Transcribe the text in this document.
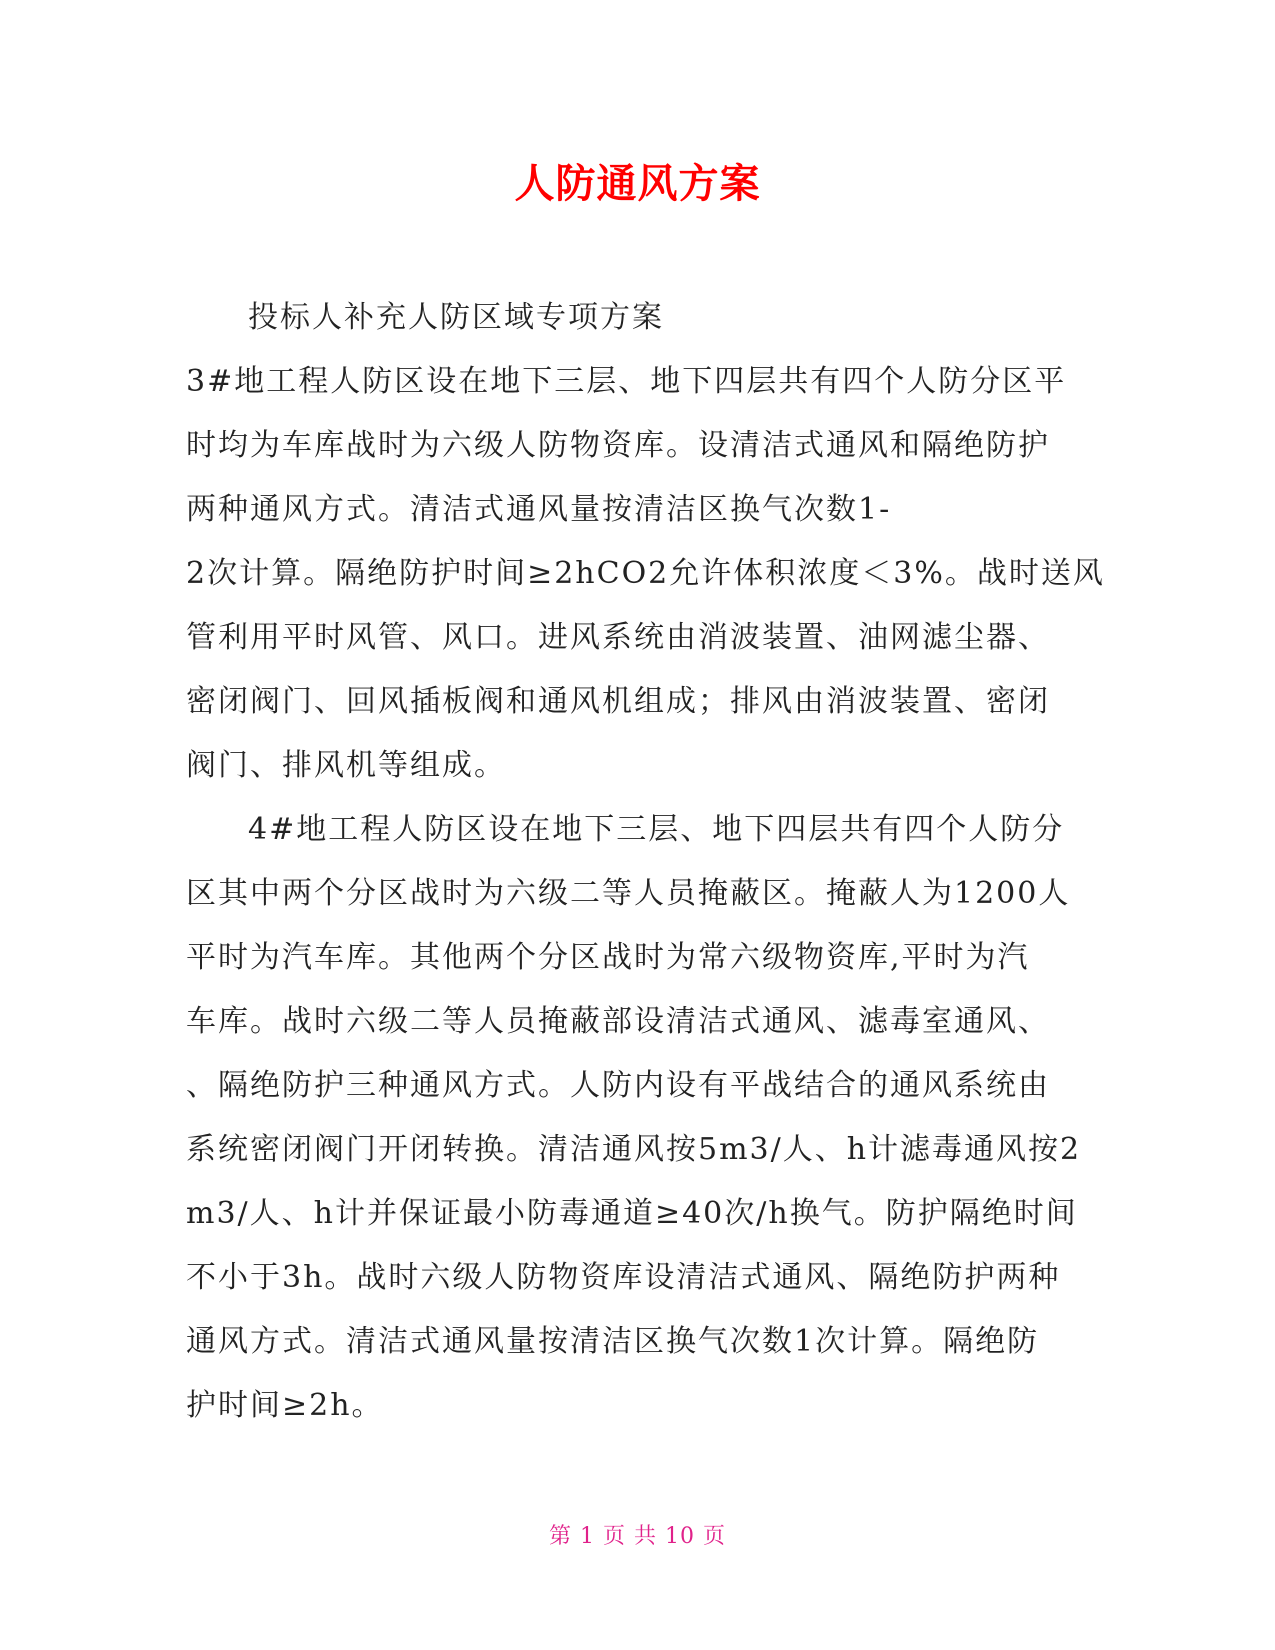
人防通风方案
投标人补充人防区域专项方案
3#地工程人防区设在地下三层、地下四层共有四个人防分区平
时均为车库战时为六级人防物资库。设清洁式通风和隔绝防护
两种通风方式。清洁式通风量按清洁区换气次数1-
2次计算。隔绝防护时间≥2hCO2允许体积浓度＜3%。战时送风
管利用平时风管、风口。进风系统由消波装置、油网滤尘器、
密闭阀门、回风插板阀和通风机组成；排风由消波装置、密闭
阀门、排风机等组成。
4#地工程人防区设在地下三层、地下四层共有四个人防分
区其中两个分区战时为六级二等人员掩蔽区。掩蔽人为1200人
平时为汽车库。其他两个分区战时为常六级物资库,平时为汽
车库。战时六级二等人员掩蔽部设清洁式通风、滤毒室通风、
、隔绝防护三种通风方式。人防内设有平战结合的通风系统由
系统密闭阀门开闭转换。清洁通风按5m3/人、h计滤毒通风按2
m3/人、h计并保证最小防毒通道≥40次/h换气。防护隔绝时间
不小于3h。战时六级人防物资库设清洁式通风、隔绝防护两种
通风方式。清洁式通风量按清洁区换气次数1次计算。隔绝防
护时间≥2h。
第 1 页 共 10 页
